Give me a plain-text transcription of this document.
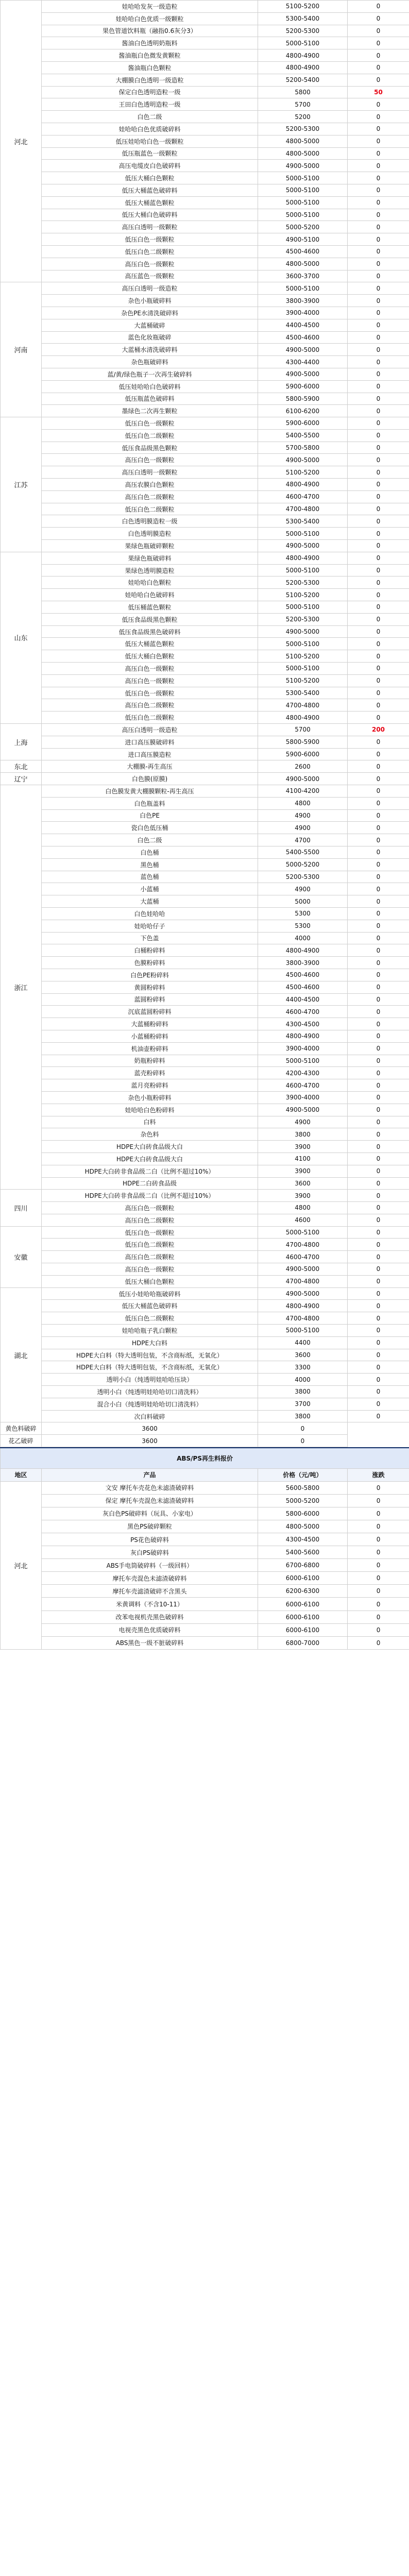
河北	娃哈哈发灰一级造粒	5100-5200	0
	娃哈哈白色优质一级颗粒	5300-5400	0
	果色管道饮料瓶（融指0.6灰分3）	5200-5300	0
	酱油白色透明奶瓶料	5000-5100	0
	酱油瓶白色微发黄颗粒	4800-4900	0
	酱油瓶白色颗粒	4800-4900	0
	大棚膜白色透明一级造粒	5200-5400	0
	保定白色透明造粒一级	5800	50
	王田白色透明造粒一级	5700	0
	白色二级	5200	0
	娃哈哈白色优质破碎料	5200-5300	0
	低压娃哈哈白色一级颗粒	4800-5000	0
	低压瓶蓝色一级颗粒	4800-5000	0
	高压电缆皮白色破碎料	4900-5000	0
	低压大桶白色颗粒	5000-5100	0
	低压大桶蓝色破碎料	5000-5100	0
	低压大桶蓝色颗粒	5000-5100	0
	低压大桶白色破碎料	5000-5100	0
	高压白透明一级颗粒	5000-5200	0
	低压白色一级颗粒	4900-5100	0
	低压白色二级颗粒	4500-4600	0
	高压白色一级颗粒	4800-5000	0
	高压蓝色一级颗粒	3600-3700	0
河南	高压白透明一级造粒	5000-5100	0
	杂色小瓶破碎料	3800-3900	0
	杂色PE水清洗破碎料	3900-4000	0
	大蓝桶破碎	4400-4500	0
	蓝色化妆瓶破碎	4500-4600	0
	大蓝桶水清洗破碎料	4900-5000	0
	杂色瓶破碎料	4300-4400	0
	蓝/黄/绿色瓶子一次再生破碎料	4900-5000	0
	低压娃哈哈白色破碎料	5900-6000	0
	低压瓶蓝色破碎料	5800-5900	0
	墨绿色二次再生颗粒	6100-6200	0
江苏	低压白色一级颗粒	5900-6000	0
	低压白色二级颗粒	5400-5500	0
	低压食品级黑色颗粒	5700-5800	0
	高压白色一级颗粒	4900-5000	0
	高压白透明一级颗粒	5100-5200	0
	高压农膜白色颗粒	4800-4900	0
	高压白色二级颗粒	4600-4700	0
	低压白色二级颗粒	4700-4800	0
	白色透明膜造粒一级	5300-5400	0
	白色透明膜造粒	5000-5100	0
	果绿色瓶破碎颗粒	4900-5000	0
山东	果绿色瓶破碎料	4800-4900	0
	果绿色透明膜造粒	5000-5100	0
	娃哈哈白色颗粒	5200-5300	0
	娃哈哈白色破碎料	5100-5200	0
	低压桶蓝色颗粒	5000-5100	0
	低压食品级黑色颗粒	5200-5300	0
	低压食品级黑色破碎料	4900-5000	0
	低压大桶蓝色颗粒	5000-5100	0
	低压大桶白色颗粒	5100-5200	0
	高压白色一级颗粒	5000-5100	0
	高压白色一级颗粒	5100-5200	0
	低压白色一级颗粒	5300-5400	0
	高压白色二级颗粒	4700-4800	0
	低压白色二级颗粒	4800-4900	0
上海	高压白透明一级造粒	5700	200
	进口高压膜破碎料	5800-5900	0
	进口高压膜造粒	5900-6000	0
东北	大棚膜-再生高压	2600	0
辽宁	白色膜(原膜)	4900-5000	0
浙江	白色膜发黄大棚膜颗粒-再生高压	4100-4200	0
	白色瓶盖料	4800	0
	白色PE	4900	0
	瓷白色低压桶	4900	0
	白色二级	4700	0
	白色桶	5400-5500	0
	黑色桶	5000-5200	0
	蓝色桶	5200-5300	0
	小蓝桶	4900	0
	大蓝桶	5000	0
	白色娃哈哈	5300	0
	娃哈哈仔子	5300	0
	下色盖	4000	0
	白桶粉碎料	4800-4900	0
	色膜粉碎料	3800-3900	0
	白色PE粉碎料	4500-4600	0
	黄圆粉碎料	4500-4600	0
	蓝圆粉碎料	4400-4500	0
	沉底蓝圆粉碎料	4600-4700	0
	大蓝桶粉碎料	4300-4500	0
	小蓝桶粉碎料	4800-4900	0
	机油壶粉碎料	3900-4000	0
	奶瓶粉碎料	5000-5100	0
	蓝壳粉碎料	4200-4300	0
	蓝月亮粉碎料	4600-4700	0
	杂色小瓶粉碎料	3900-4000	0
	娃哈哈白色粉碎料	4900-5000	0
	白料	4900	0
	杂色料	3800	0
	HDPE大白砖食品级大白	3900	0
	HDPE大白砖食品级大白	4100	0
	HDPE大白砖非食品级二白（比例不超过10%）	3900	0
	HDPE二白砖食品级	3600	0
四川	HDPE大白砖非食品级二白（比例不超过10%）	3900	0
	高压白色一级颗粒	4800	0
	高压白色二级颗粒	4600	0
安徽	低压白色一级颗粒	5000-5100	0
	低压白色二级颗粒	4700-4800	0
	高压白色二级颗粒	4600-4700	0
	高压白色一级颗粒	4900-5000	0
	低压大桶白色颗粒	4700-4800	0
湖北	低压小娃哈哈瓶破碎料	4900-5000	0
	低压大桶蓝色破碎料	4800-4900	0
	低压白色二级颗粒	4700-4800	0
	娃哈哈瓶子乳白颗粒	5000-5100	0
	HDPE大白料	4400	0
	HDPE大白料（特大透明包装，不含商标纸，无氧化）	3600	0
	HDPE大白料（特大透明包装，不含商标纸，无氧化）	3300	0
	透明小白（纯透明娃哈哈压块）	4000	0
	透明小白（纯透明娃哈哈切口清洗料）	3800	0
	混合小白（纯透明娃哈哈切口清洗料）	3700	0
	次白料破碎	3800	0
黄色料破碎	3600	0	
花乙破碎	3600	0	
ABS/PS再生料报价			
地区	产品	价格（元/吨）	涨跌
河北	文安 摩托车壳花色未滤渣破碎料	5600-5800	0
	保定 摩托车壳混色未滤渣破碎料	5000-5200	0
	灰白色PS破碎料（玩具、小家电）	5800-6000	0
	黑色PS破碎颗粒	4800-5000	0
	PS花色破碎料	4300-4500	0
	灰白PS破碎料	5400-5600	0
	ABS手电筒破碎料（一级回料）	6700-6800	0
	摩托车壳混色未滤渣破碎料	6000-6100	0
	摩托车壳滤渣破碎不含黑头	6200-6300	0
	米黄调料（不含10-11）	6000-6100	0
	改苯电视机壳黑色破碎料	6000-6100	0
	电视壳黑色优质破碎料	6000-6100	0
	ABS黑色一级不脏破碎料	6800-7000	0
